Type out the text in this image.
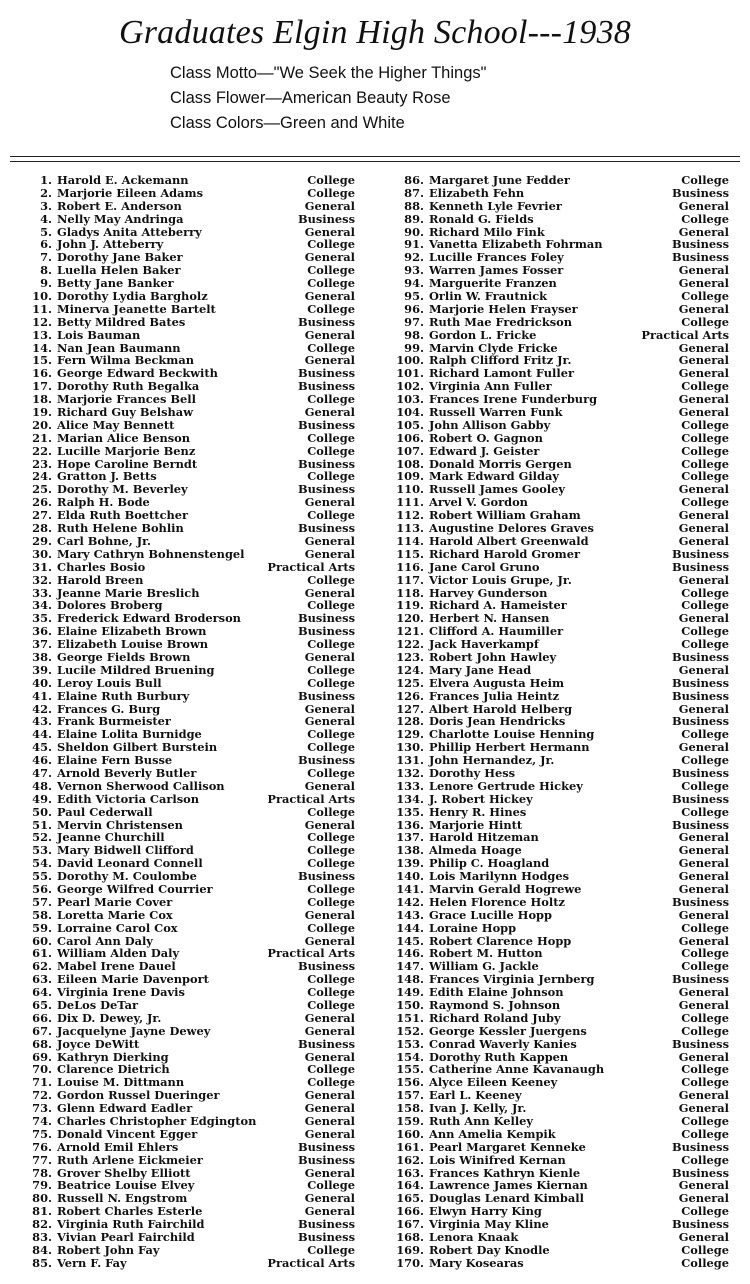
Graduates Elgin High School---1938
Class Motto—"We Seek the Higher Things"
Class Flower—American Beauty Rose
Class Colors—Green and White
1. Harold E. Ackemann	College
2. Marjorie Eileen Adams	College
3. Robert E. Anderson	General
4. Nelly May Andringa	Business
5. Gladys Anita Atteberry	General
6. John J. Atteberry	College
7. Dorothy Jane Baker	General
8. Luella Helen Baker	College
9. Betty Jane Banker	College
10. Dorothy Lydia Bargholz	General
11. Minerva Jeanette Bartelt	College
12. Betty Mildred Bates	Business
13. Lois Bauman	General
14. Nan Jean Baumann	College
15. Fern Wilma Beckman	General
16. George Edward Beckwith	Business
17. Dorothy Ruth Begalka	Business
18. Marjorie Frances Bell	College
19. Richard Guy Belshaw	General
20. Alice May Bennett	Business
21. Marian Alice Benson	College
22. Lucille Marjorie Benz	College
23. Hope Caroline Berndt	Business
24. Gratton J. Betts	College
25. Dorothy M. Beverley	Business
26. Ralph H. Bode	General
27. Elda Ruth Boettcher	College
28. Ruth Helene Bohlin	Business
29. Carl Bohne, Jr.	General
30. Mary Cathryn Bohnenstengel	General
31. Charles Bosio	Practical Arts
32. Harold Breen	College
33. Jeanne Marie Breslich	General
34. Dolores Broberg	College
35. Frederick Edward Broderson	Business
36. Elaine Elizabeth Brown	Business
37. Elizabeth Louise Brown	College
38. George Fields Brown	General
39. Lucile Mildred Bruening	College
40. Leroy Louis Bull	College
41. Elaine Ruth Burbury	Business
42. Frances G. Burg	General
43. Frank Burmeister	General
44. Elaine Lolita Burnidge	College
45. Sheldon Gilbert Burstein	College
46. Elaine Fern Busse	Business
47. Arnold Beverly Butler	College
48. Vernon Sherwood Callison	General
49. Edith Victoria Carlson	Practical Arts
50. Paul Cederwall	College
51. Mervin Christensen	General
52. Jeanne Churchill	College
53. Mary Bidwell Clifford	College
54. David Leonard Connell	College
55. Dorothy M. Coulombe	Business
56. George Wilfred Courrier	College
57. Pearl Marie Cover	College
58. Loretta Marie Cox	General
59. Lorraine Carol Cox	College
60. Carol Ann Daly	General
61. William Alden Daly	Practical Arts
62. Mabel Irene Dauel	Business
63. Eileen Marie Davenport	College
64. Virginia Irene Davis	College
65. DeLos DeTar	College
66. Dix D. Dewey, Jr.	General
67. Jacquelyne Jayne Dewey	General
68. Joyce DeWitt	Business
69. Kathryn Dierking	General
70. Clarence Dietrich	College
71. Louise M. Dittmann	College
72. Gordon Russel Dueringer	General
73. Glenn Edward Eadler	General
74. Charles Christopher Edgington	General
75. Donald Vincent Egger	General
76. Arnold Emil Ehlers	Business
77. Ruth Arlene Eickmeier	Business
78. Grover Shelby Elliott	General
79. Beatrice Louise Elvey	College
80. Russell N. Engstrom	General
81. Robert Charles Esterle	General
82. Virginia Ruth Fairchild	Business
83. Vivian Pearl Fairchild	Business
84. Robert John Fay	College
85. Vern F. Fay	Practical Arts
86. Margaret June Fedder	College
87. Elizabeth Fehn	Business
88. Kenneth Lyle Fevrier	General
89. Ronald G. Fields	College
90. Richard Milo Fink	General
91. Vanetta Elizabeth Fohrman	Business
92. Lucille Frances Foley	Business
93. Warren James Fosser	General
94. Marguerite Franzen	General
95. Orlin W. Frautnick	College
96. Marjorie Helen Frayser	General
97. Ruth Mae Fredrickson	College
98. Gordon L. Fricke	Practical Arts
99. Marvin Clyde Fricke	General
100. Ralph Clifford Fritz Jr.	General
101. Richard Lamont Fuller	General
102. Virginia Ann Fuller	College
103. Frances Irene Funderburg	General
104. Russell Warren Funk	General
105. John Allison Gabby	College
106. Robert O. Gagnon	College
107. Edward J. Geister	College
108. Donald Morris Gergen	College
109. Mark Edward Gilday	College
110. Russell James Gooley	General
111. Arvel V. Gordon	College
112. Robert William Graham	General
113. Augustine Delores Graves	General
114. Harold Albert Greenwald	General
115. Richard Harold Gromer	Business
116. Jane Carol Gruno	Business
117. Victor Louis Grupe, Jr.	General
118. Harvey Gunderson	College
119. Richard A. Hameister	College
120. Herbert N. Hansen	General
121. Clifford A. Haumiller	College
122. Jack Haverkampf	College
123. Robert John Hawley	Business
124. Mary Jane Head	General
125. Elvera Augusta Heim	Business
126. Frances Julia Heintz	Business
127. Albert Harold Helberg	General
128. Doris Jean Hendricks	Business
129. Charlotte Louise Henning	College
130. Phillip Herbert Hermann	General
131. John Hernandez, Jr.	College
132. Dorothy Hess	Business
133. Lenore Gertrude Hickey	College
134. J. Robert Hickey	Business
135. Henry R. Hines	College
136. Marjorie Hintt	Business
137. Harold Hitzeman	General
138. Almeda Hoage	General
139. Philip C. Hoagland	General
140. Lois Marilynn Hodges	General
141. Marvin Gerald Hogrewe	General
142. Helen Florence Holtz	Business
143. Grace Lucille Hopp	General
144. Loraine Hopp	College
145. Robert Clarence Hopp	General
146. Robert M. Hutton	College
147. William G. Jackle	College
148. Frances Virginia Jernberg	Business
149. Edith Elaine Johnson	General
150. Raymond S. Johnson	General
151. Richard Roland Juby	College
152. George Kessler Juergens	College
153. Conrad Waverly Kanies	Business
154. Dorothy Ruth Kappen	General
155. Catherine Anne Kavanaugh	College
156. Alyce Eileen Keeney	College
157. Earl L. Keeney	General
158. Ivan J. Kelly, Jr.	General
159. Ruth Ann Kelley	College
160. Ann Amelia Kempik	College
161. Pearl Margaret Kenneke	Business
162. Lois Winifred Kernan	College
163. Frances Kathryn Kienle	Business
164. Lawrence James Kiernan	General
165. Douglas Lenard Kimball	General
166. Elwyn Harry King	College
167. Virginia May Kline	Business
168. Lenora Knaak	General
169. Robert Day Knodle	College
170. Mary Kosearas	College
